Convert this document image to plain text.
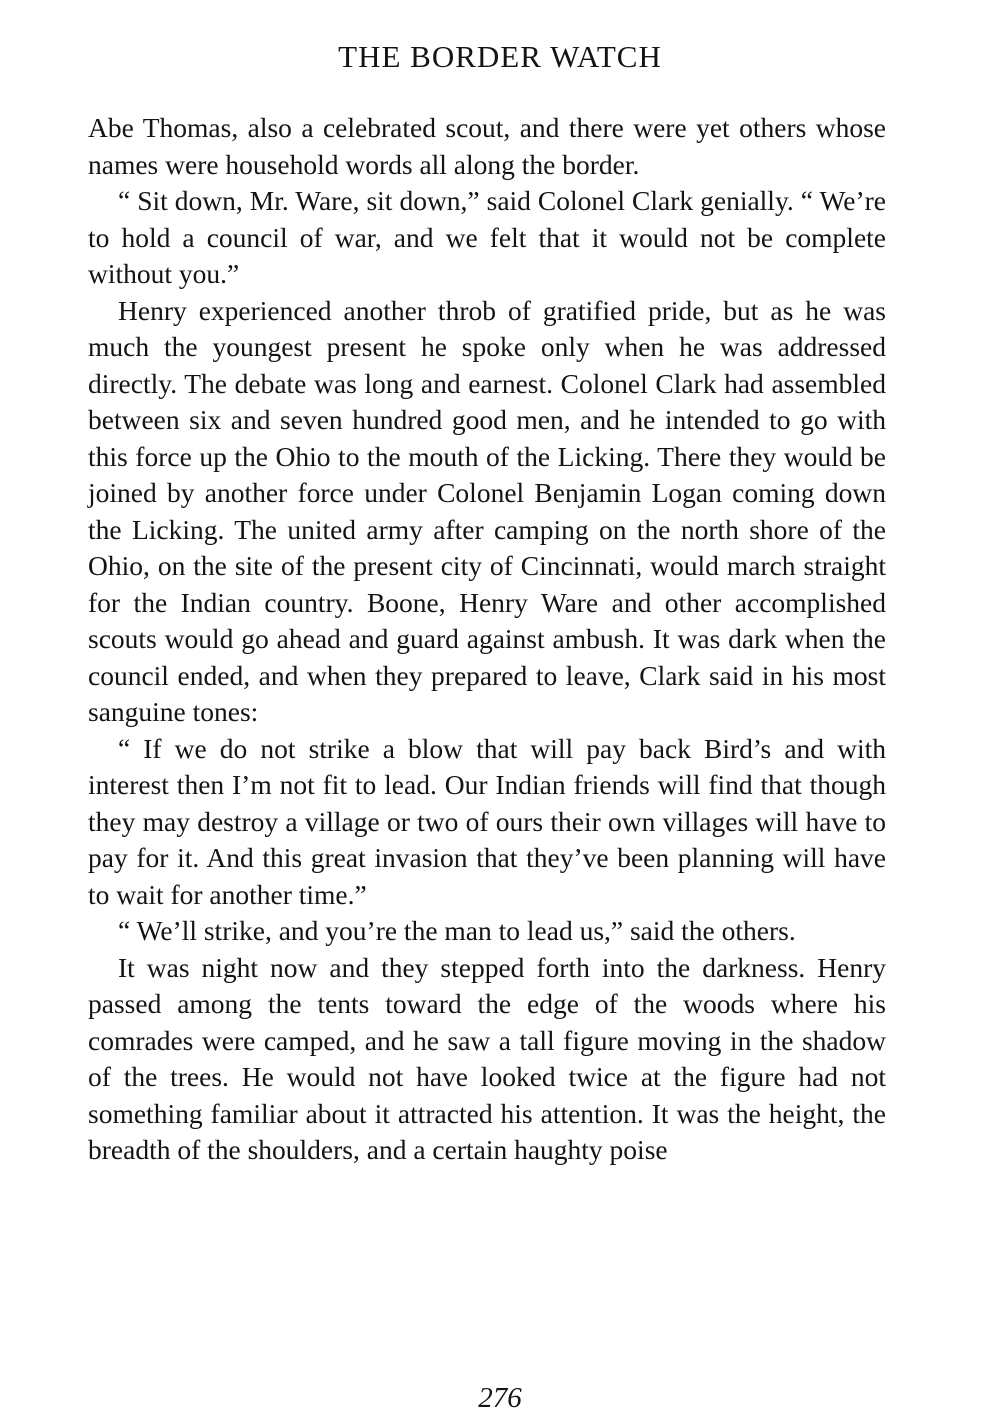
THE BORDER WATCH

Abe Thomas, also a celebrated scout, and there were yet others whose names were household words all along the border.

“ Sit down, Mr. Ware, sit down,” said Colonel Clark genially. “ We’re to hold a council of war, and we felt that it would not be complete without you.”

Henry experienced another throb of gratified pride, but as he was much the youngest present he spoke only when he was addressed directly. The debate was long and earnest. Colonel Clark had assembled between six and seven hundred good men, and he intended to go with this force up the Ohio to the mouth of the Licking. There they would be joined by another force under Colonel Benjamin Logan coming down the Licking. The united army after camping on the north shore of the Ohio, on the site of the present city of Cincinnati, would march straight for the Indian country. Boone, Henry Ware and other accomplished scouts would go ahead and guard against ambush. It was dark when the council ended, and when they prepared to leave, Clark said in his most sanguine tones:

“ If we do not strike a blow that will pay back Bird’s and with interest then I’m not fit to lead. Our Indian friends will find that though they may destroy a village or two of ours their own villages will have to pay for it. And this great invasion that they’ve been planning will have to wait for another time.”

“ We’ll strike, and you’re the man to lead us,” said the others.

It was night now and they stepped forth into the darkness. Henry passed among the tents toward the edge of the woods where his comrades were camped, and he saw a tall figure moving in the shadow of the trees. He would not have looked twice at the figure had not something familiar about it attracted his attention. It was the height, the breadth of the shoulders, and a certain haughty poise

276
